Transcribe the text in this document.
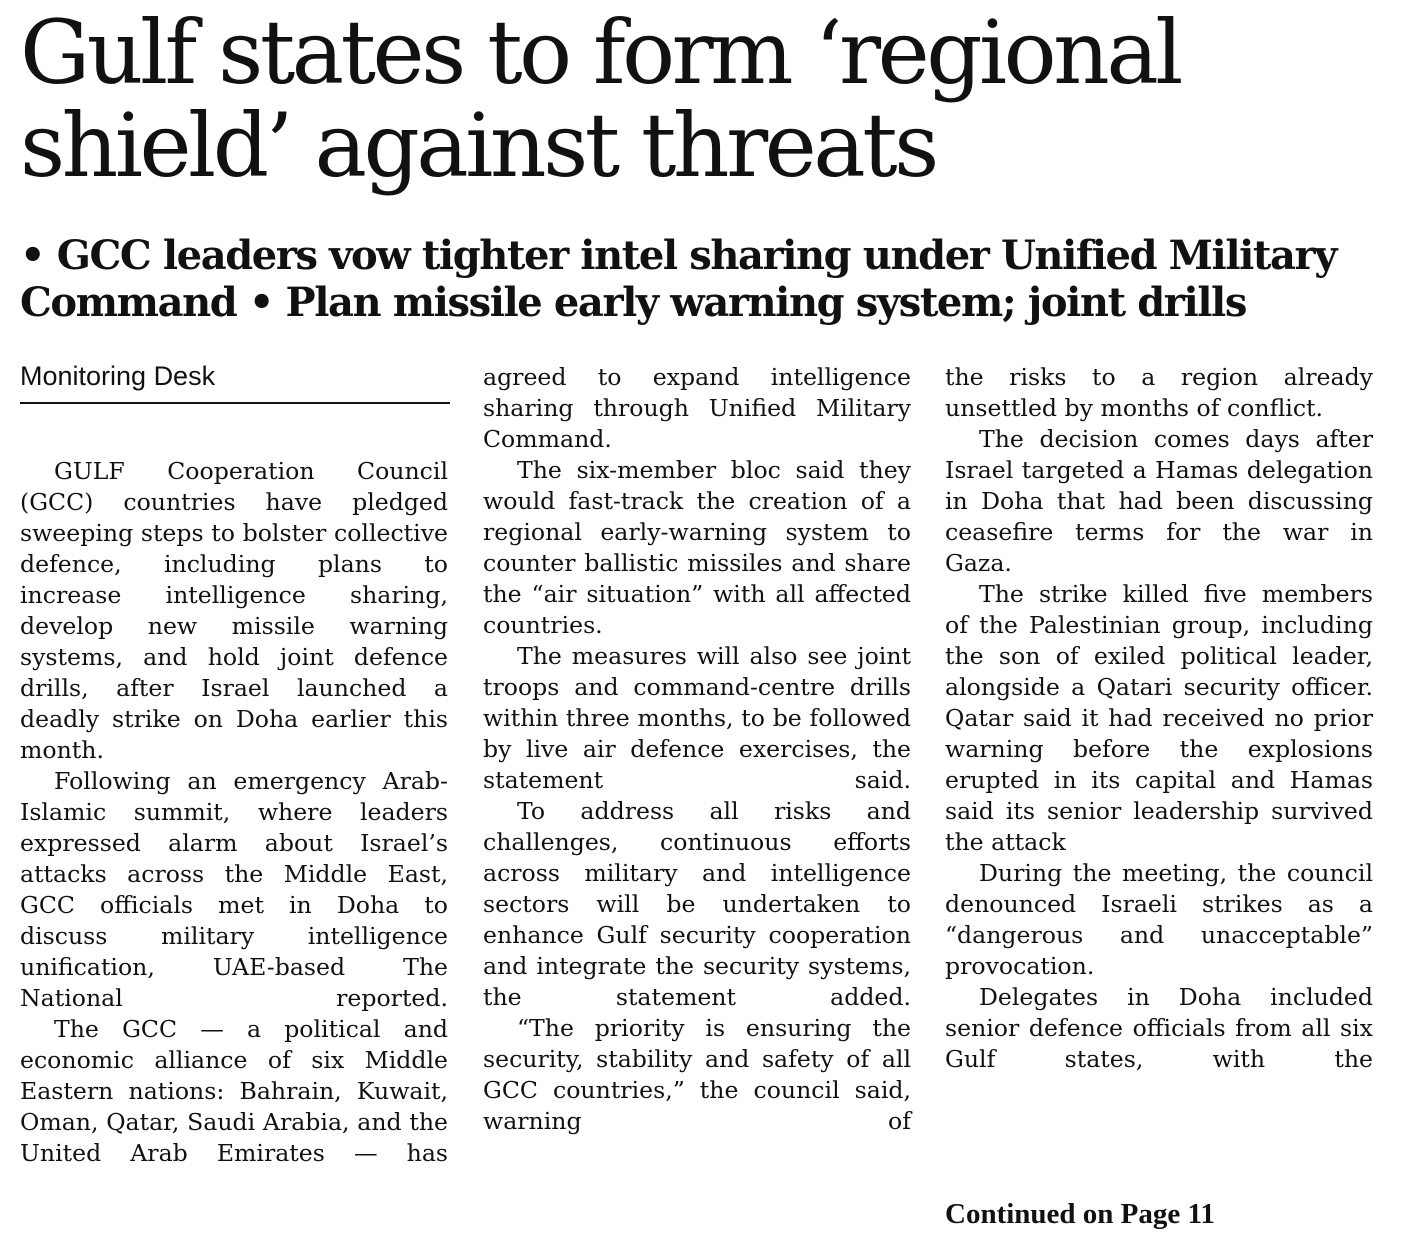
Gulf states to form ‘regional
shield’ against threats
• GCC leaders vow tighter intel sharing under Unified Military
Command • Plan missile early warning system; joint drills
Monitoring Desk

GULF Cooperation Council (GCC) countries have pledged sweeping steps to bolster collective defence, including plans to increase intelligence sharing, develop new missile warning systems, and hold joint defence drills, after Israel launched a deadly strike on Doha earlier this month.

Following an emergency Arab-Islamic summit, where leaders expressed alarm about Israel’s attacks across the Middle East, GCC officials met in Doha to discuss military intelligence unification, UAE-based The National reported.

The GCC — a political and economic alliance of six Middle Eastern nations: Bahrain, Kuwait, Oman, Qatar, Saudi Arabia, and the United Arab Emirates — has

agreed to expand intelligence sharing through Unified Military Command.

The six-member bloc said they would fast-track the creation of a regional early-warning system to counter ballistic missiles and share the “air situation” with all affected countries.

The measures will also see joint troops and command-centre drills within three months, to be followed by live air defence exercises, the statement said.

To address all risks and challenges, continuous efforts across military and intelligence sectors will be undertaken to enhance Gulf security cooperation and integrate the security systems, the statement added.

“The priority is ensuring the security, stability and safety of all GCC countries,” the council said, warning of

the risks to a region already unsettled by months of conflict.

The decision comes days after Israel targeted a Hamas delegation in Doha that had been discussing ceasefire terms for the war in Gaza.

The strike killed five members of the Palestinian group, including the son of exiled political leader, alongside a Qatari security officer. Qatar said it had received no prior warning before the explosions erupted in its capital and Hamas said its senior leadership survived the attack

During the meeting, the council denounced Israeli strikes as a “dangerous and unacceptable” provocation.

Delegates in Doha included senior defence officials from all six Gulf states, with the

Continued on Page 11
